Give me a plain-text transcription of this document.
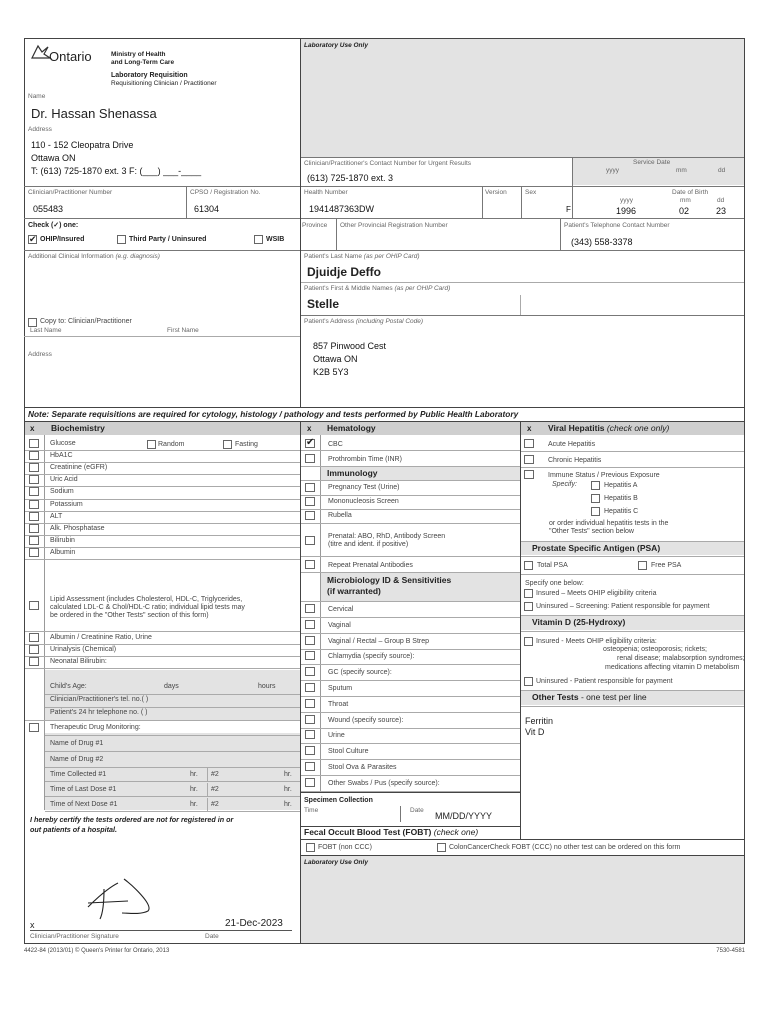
Ontario	Ministry of Health
and Long-Term Care
Laboratory Requisition
Requisitioning Clinician / Practitioner
Name
Dr. Hassan Shenassa
Address
110 - 152 Cleopatra Drive
Ottawa ON
T: (613) 725-1870 ext. 3 F: (___) ___-____
Clinician/Practitioner Number	CPSO / Registration No.
055483	61304
Check (✓) one:
✔ OHIP/Insured	Third Party / Uninsured	WSIB
Additional Clinical Information (e.g. diagnosis)
Copy to: Clinician/Practitioner
Last Name	First Name
Address
Laboratory Use Only
Clinician/Practitioner's Contact Number for Urgent Results
(613) 725-1870 ext. 3
Service Date
yyyy	mm	dd
Health Number
1941487363DW
Version	Sex
F
Date of Birth
yyyy	mm	dd
1996	02	23
Province Other Provincial Registration Number	Patient's Telephone Contact Number
(343) 558-3378
Patient's Last Name (as per OHIP Card)
Djuidje Deffo
Patient's First & Middle Names (as per OHIP Card)
Stelle
Patient's Address (including Postal Code)
857 Pinwood Cest
Ottawa ON
K2B 5Y3
Note: Separate requisitions are required for cytology, histology / pathology and tests performed by Public Health Laboratory
x Biochemistry	x Hematology	x Viral Hepatitis (check one only)
I hereby certify the tests ordered are not for registered in or
out patients of a hospital.
x	21-Dec-2023
Clinician/Practitioner Signature	Date
Specimen Collection
Time	Date
MM/DD/YYYY
Fecal Occult Blood Test (FOBT) (check one)
FOBT (non CCC)	ColonCancerCheck FOBT (CCC) no other test can be ordered on this form
Laboratory Use Only
4422-84 (2013/01) © Queen's Printer for Ontario, 2013	7530-4581
Glucose
HbA1C
Creatinine (eGFR)
Uric Acid
Sodium
Potassium
ALT
Alk. Phosphatase
Bilirubin
Albumin
Random	Fasting
Lipid Assessment (includes Cholesterol, HDL-C, Triglycerides,
calculated LDL-C & Chol/HDL-C ratio; individual lipid tests may
be ordered in the "Other Tests" section of this form)
Albumin / Creatinine Ratio, Urine
Urinalysis (Chemical)
Neonatal Bilirubin:
Child's Age:	days	hours
Clinician/Practitioner's tel. no.( )
Patient's 24 hr telephone no. ( )
Therapeutic Drug Monitoring:
Name of Drug #1
Name of Drug #2
Time Collected #1	hr. #2	hr.
Time of Last Dose #1	hr. #2	hr.
Time of Next Dose #1	hr. #2	hr.
✔ CBC
Prothrombin Time (INR)
Immunology
Pregnancy Test (Urine)
Mononucleosis Screen
Rubella
Prenatal: ABO, RhD, Antibody Screen
(titre and ident. if positive)
Repeat Prenatal Antibodies
Microbiology ID & Sensitivities
(if warranted)
Cervical
Vaginal
Vaginal / Rectal – Group B Strep
Chlamydia (specify source):
GC (specify source):
Sputum
Throat
Wound (specify source):
Urine
Stool Culture
Stool Ova & Parasites
Other Swabs / Pus (specify source):
Acute Hepatitis
Chronic Hepatitis
Immune Status / Previous Exposure
Specify:	Hepatitis A
Hepatitis B
Hepatitis C
or order individual hepatitis tests in the
"Other Tests" section below
Prostate Specific Antigen (PSA)
Total PSA	Free PSA
Specify one below:
Insured – Meets OHIP eligibility criteria
Uninsured – Screening: Patient responsible for payment
Vitamin D (25-Hydroxy)
Insured - Meets OHIP eligibility criteria:
osteopenia; osteoporosis; rickets;
renal disease; malabsorption syndromes;
medications affecting vitamin D metabolism
Uninsured - Patient responsible for payment
Other Tests - one test per line
Ferritin
Vit D
